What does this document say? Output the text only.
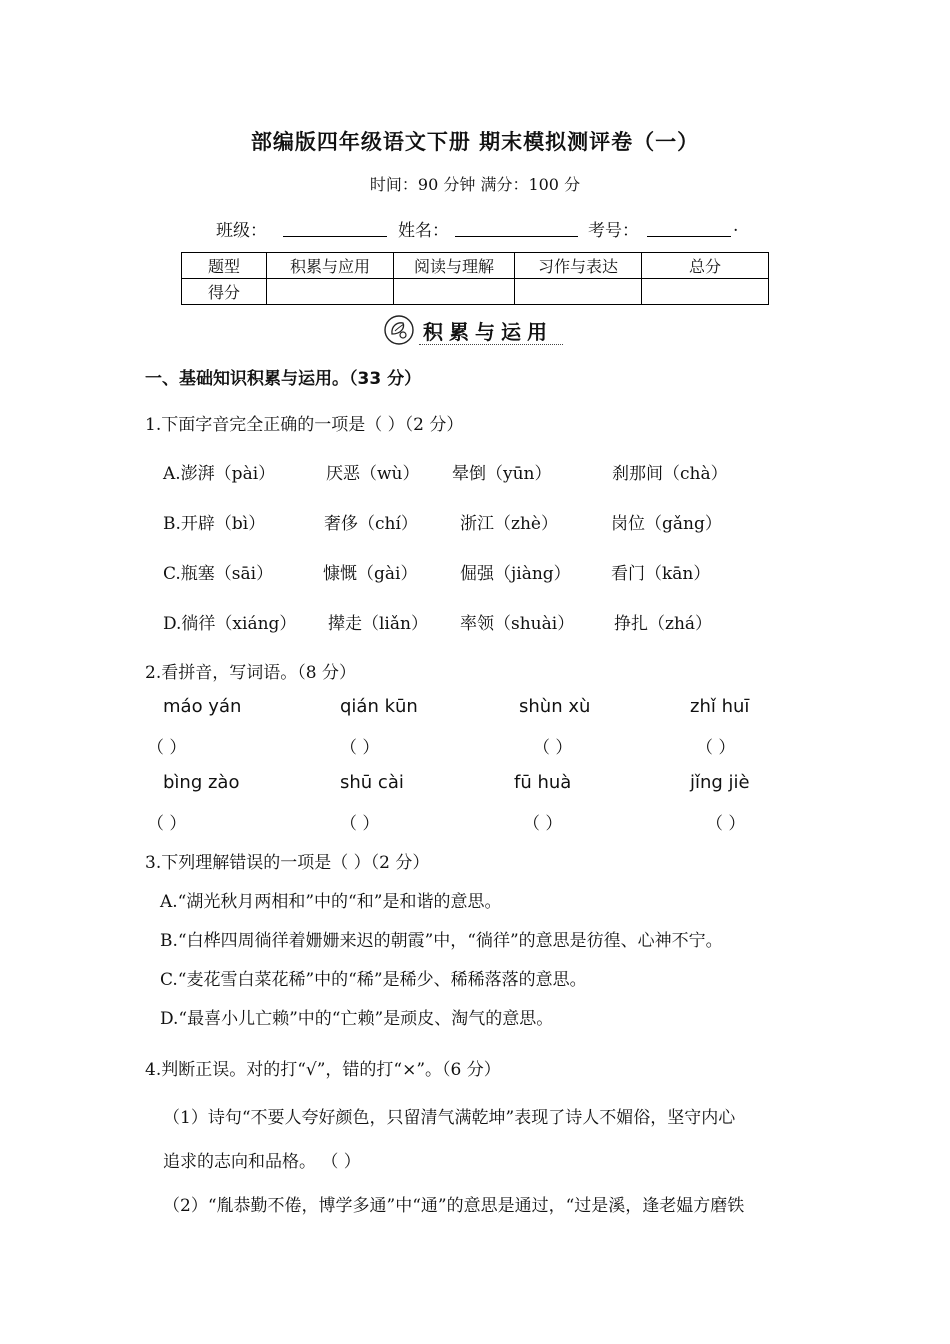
部编版四年级语文下册 期末模拟测评卷（一）
时间：90 分钟 满分：100 分
班级：	姓名：	考号：	.
题型	积累与应用	阅读与理解	习作与表达	总分
得分				
积累与运用
一、基础知识积累与运用。（33 分）
1.下面字音完全正确的一项是（ ）（2 分）
A.澎湃（pài）	厌恶（wù） 晕倒（yūn）	刹那间（chà）
B.开辟（bì）	奢侈（chí） 浙江（zhè）	岗位（gǎng）
C.瓶塞（sāi）	慷慨（gài）	倔强（jiàng） 看门（kān）
D.徜徉（xiáng） 撵走（liǎn） 率领（shuài） 挣扎（zhá）
2.看拼音，写词语。（8 分）
máo yán	qián kūn	shùn xù	zhǐ huī
（ ）	（ ）	（ ）	（ ）
bìng zào	shū cài	fū huà	jǐng jiè
（ ）	（ ）	（ ）	（ ）
3.下列理解错误的一项是（ ）（2 分）
A.“湖光秋月两相和”中的“和”是和谐的意思。
B.“白桦四周徜徉着姗姗来迟的朝霞”中，“徜徉”的意思是彷徨、心神不宁。
C.“麦花雪白菜花稀”中的“稀”是稀少、稀稀落落的意思。
D.“最喜小儿亡赖”中的“亡赖”是顽皮、淘气的意思。
4.判断正误。对的打“√”，错的打“×”。（6 分）
（1）诗句“不要人夸好颜色，只留清气满乾坤”表现了诗人不媚俗，坚守内心
追求的志向和品格。 （ ）
（2）“胤恭勤不倦，博学多通”中“通”的意思是通过，“过是溪，逢老媪方磨铁
